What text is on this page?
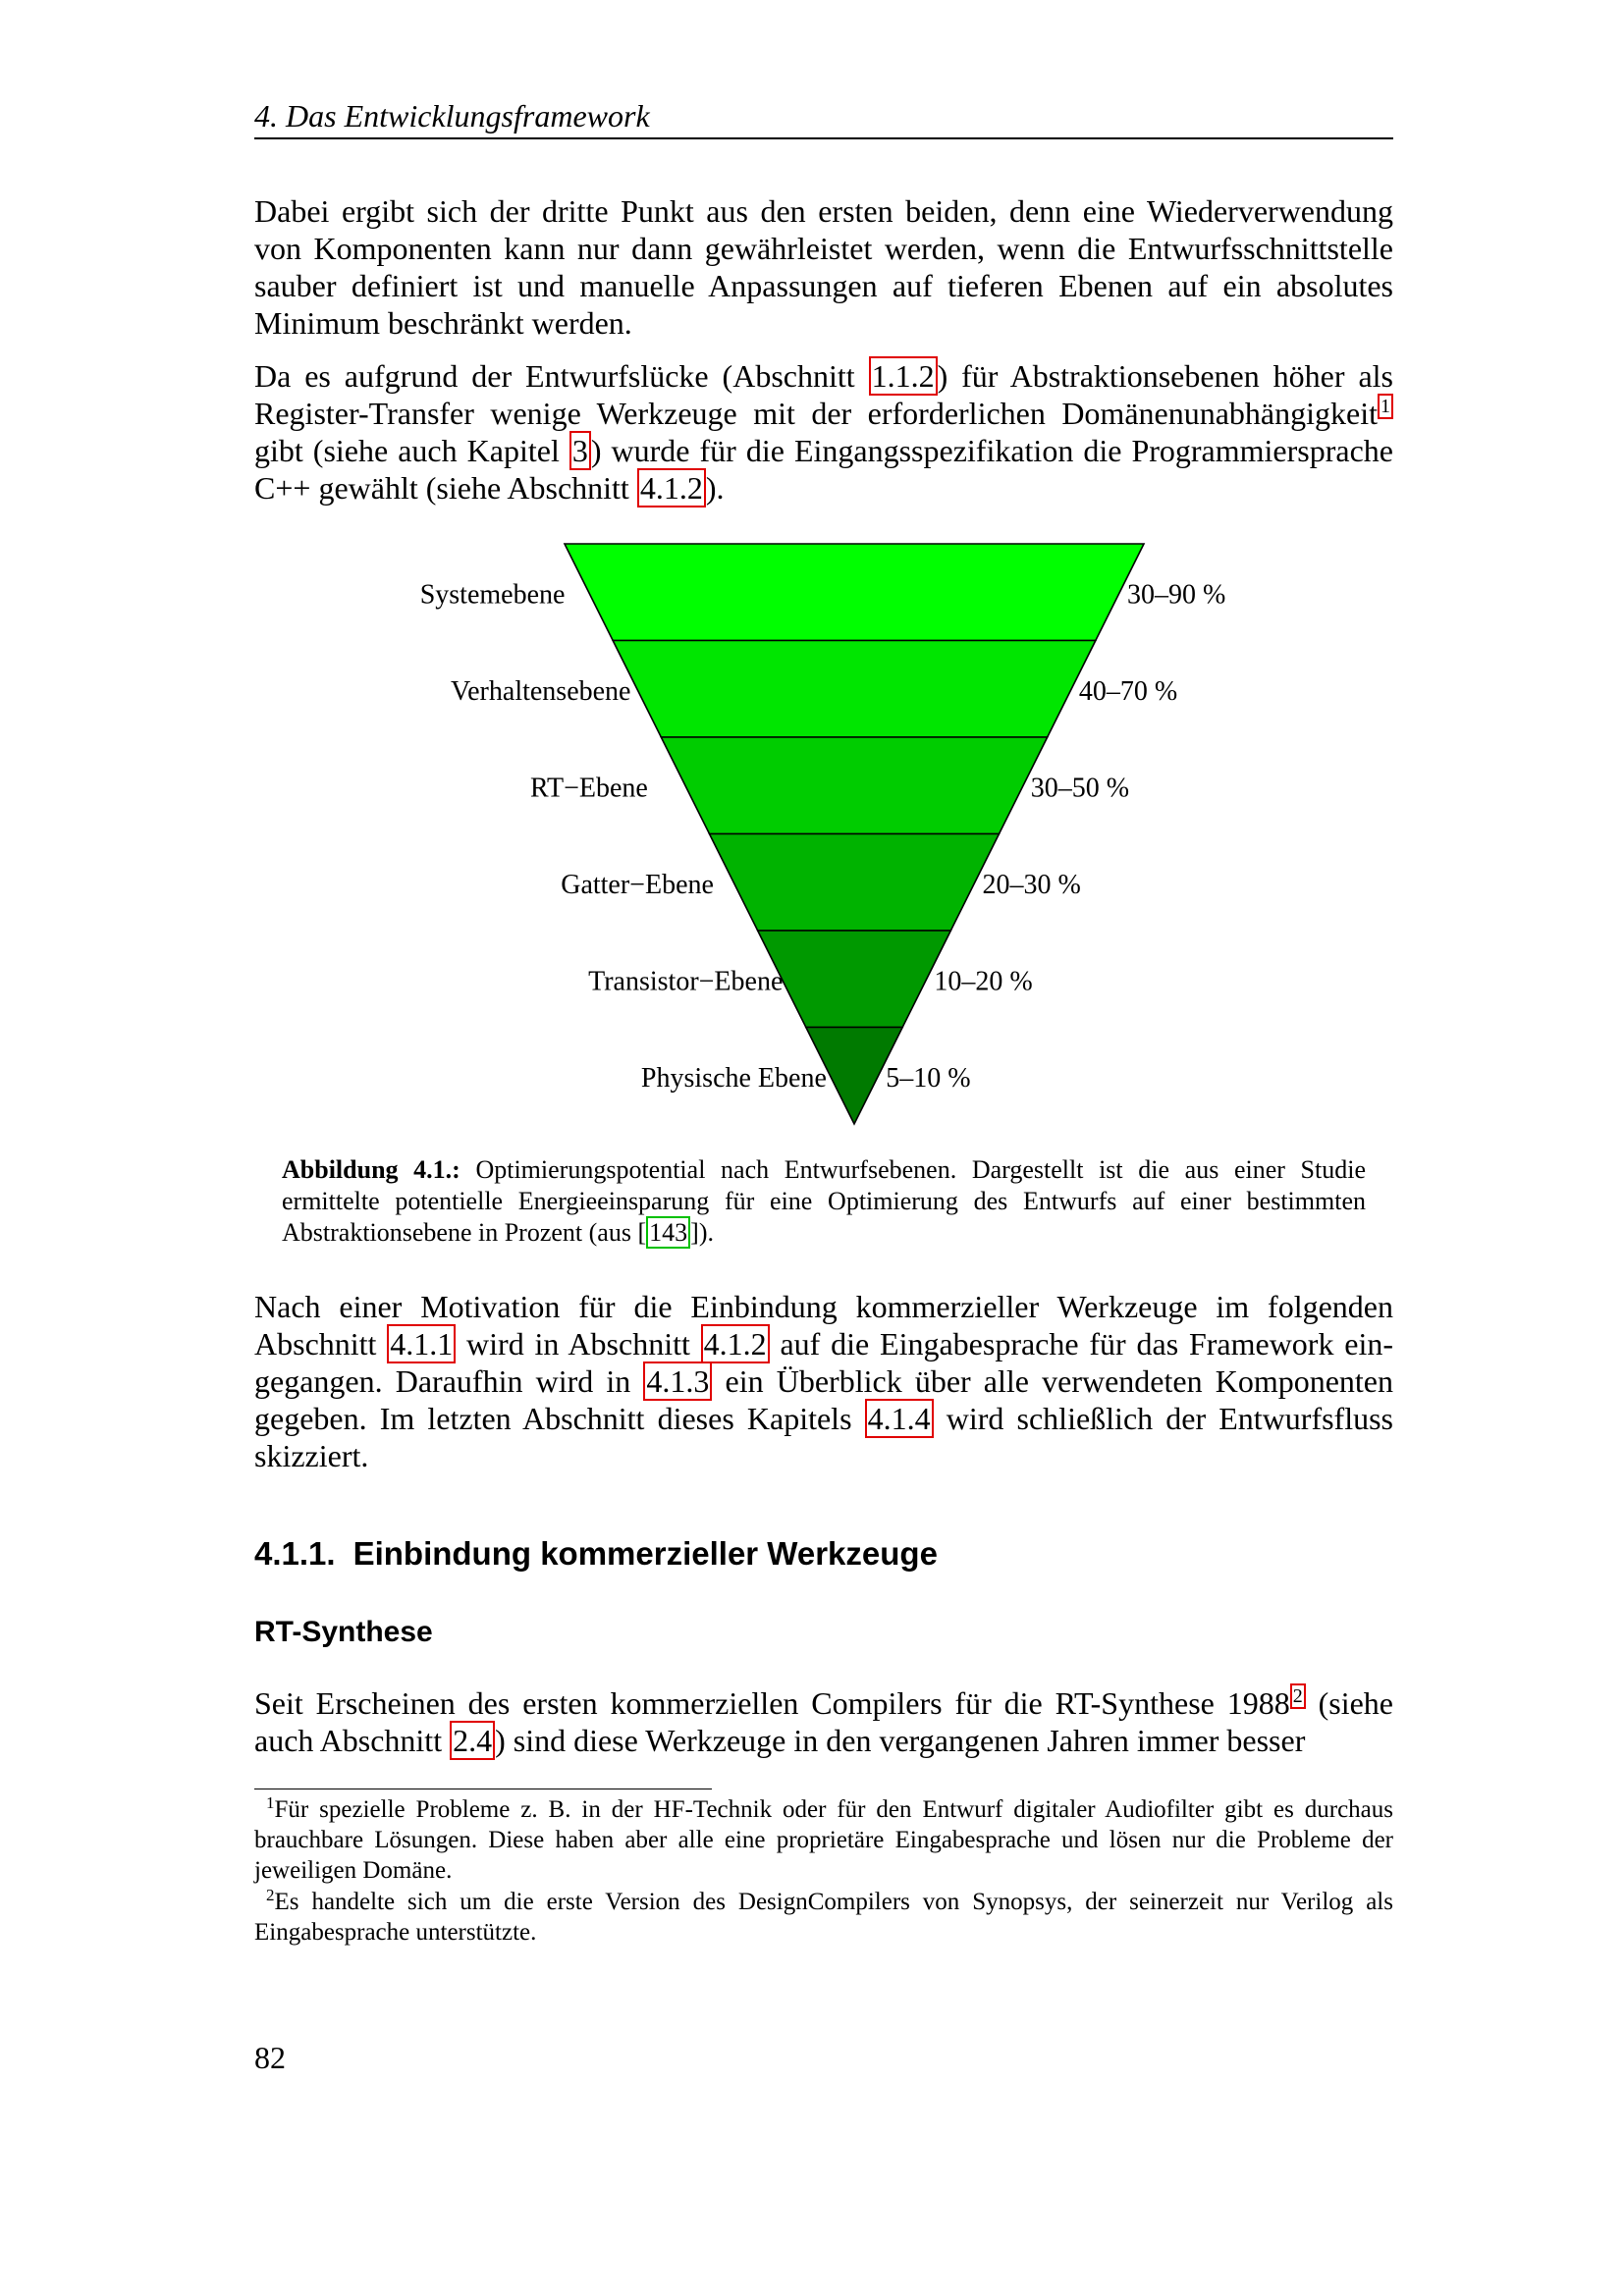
4. Das Entwicklungsframework

Dabei ergibt sich der dritte Punkt aus den ersten beiden, denn eine Wiederverwendung von Komponenten kann nur dann gewährleistet werden, wenn die Entwurfsschnittstelle sauber definiert ist und manuelle Anpassungen auf tieferen Ebenen auf ein absolutes Minimum beschränkt werden.

Da es aufgrund der Entwurfslücke (Abschnitt 1.1.2) für Abstraktionsebenen höher als Register-Transfer wenige Werkzeuge mit der erforderlichen Domänenunabhängigkeit $^1$ gibt (siehe auch Kapitel 3) wurde für die Eingangsspezifikation die Programmiersprache C++ gewählt (siehe Abschnitt 4.1.2).

Systemebene
Verhaltensebene
RT−Ebene
Gatter−Ebene
Transistor−Ebene
Physische Ebene
30–90 %
40–70 %
30–50 %
20–30 %
10–20 %
5–10 %

Abbildung 4.1.: Optimierungspotential nach Entwurfsebenen. Dargestellt ist die aus einer Studie ermittelte potentielle Energieeinsparung für eine Optimierung des Entwurfs auf einer bestimmten Abstraktionsebene in Prozent (aus [ 143 ]).

Nach einer Motivation für die Einbindung kommerzieller Werkzeuge im folgenden Abschnitt 4.1.1 wird in Abschnitt 4.1.2 auf die Eingabesprache für das Framework eingegangen. Daraufhin wird in 4.1.3 ein Überblick über alle verwendeten Komponenten gegeben. Im letzten Abschnitt dieses Kapitels 4.1.4 wird schließlich der Entwurfsfluss skizziert.

4.1.1. Einbindung kommerzieller Werkzeuge
RT-Synthese

Seit Erscheinen des ersten kommerziellen Compilers für die RT-Synthese 1988 $^2$ (siehe auch Abschnitt 2.4) sind diese Werkzeuge in den vergangenen Jahren immer besser

$^1$Für spezielle Probleme z. B. in der HF-Technik oder für den Entwurf digitaler Audiofilter gibt es durchaus brauchbare Lösungen. Diese haben aber alle eine proprietäre Eingabesprache und lösen nur die Probleme der jeweiligen Domäne.

$^2$Es handelte sich um die erste Version des DesignCompilers von Synopsys, der seinerzeit nur Verilog als Eingabesprache unterstützte.

82
